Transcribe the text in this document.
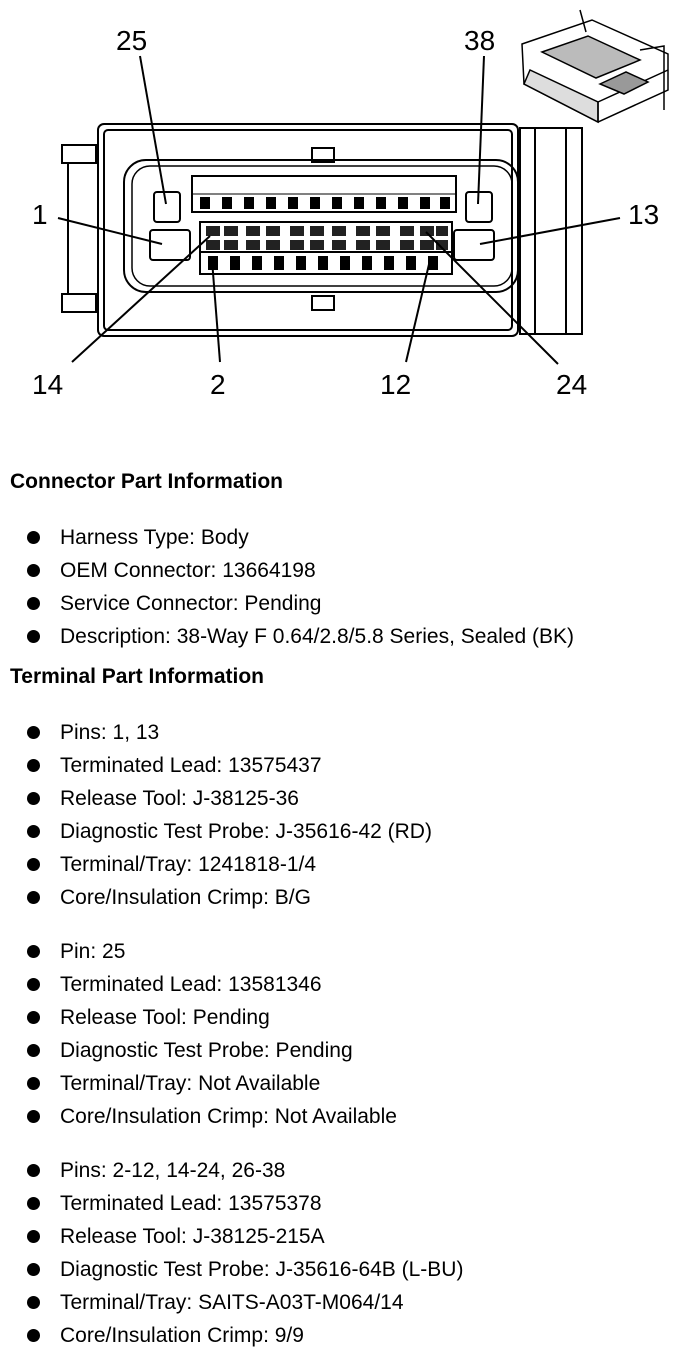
25	38
1	13
14	2	12	24
Connector Part Information
Harness Type: Body
OEM Connector: 13664198
Service Connector: Pending
Description: 38-Way F 0.64/2.8/5.8 Series, Sealed (BK)
Terminal Part Information
Pins: 1, 13
Terminated Lead: 13575437
Release Tool: J-38125-36
Diagnostic Test Probe: J-35616-42 (RD)
Terminal/Tray: 1241818-1/4
Core/Insulation Crimp: B/G
Pin: 25
Terminated Lead: 13581346
Release Tool: Pending
Diagnostic Test Probe: Pending
Terminal/Tray: Not Available
Core/Insulation Crimp: Not Available
Pins: 2-12, 14-24, 26-38
Terminated Lead: 13575378
Release Tool: J-38125-215A
Diagnostic Test Probe: J-35616-64B (L-BU)
Terminal/Tray: SAITS-A03T-M064/14
Core/Insulation Crimp: 9/9
